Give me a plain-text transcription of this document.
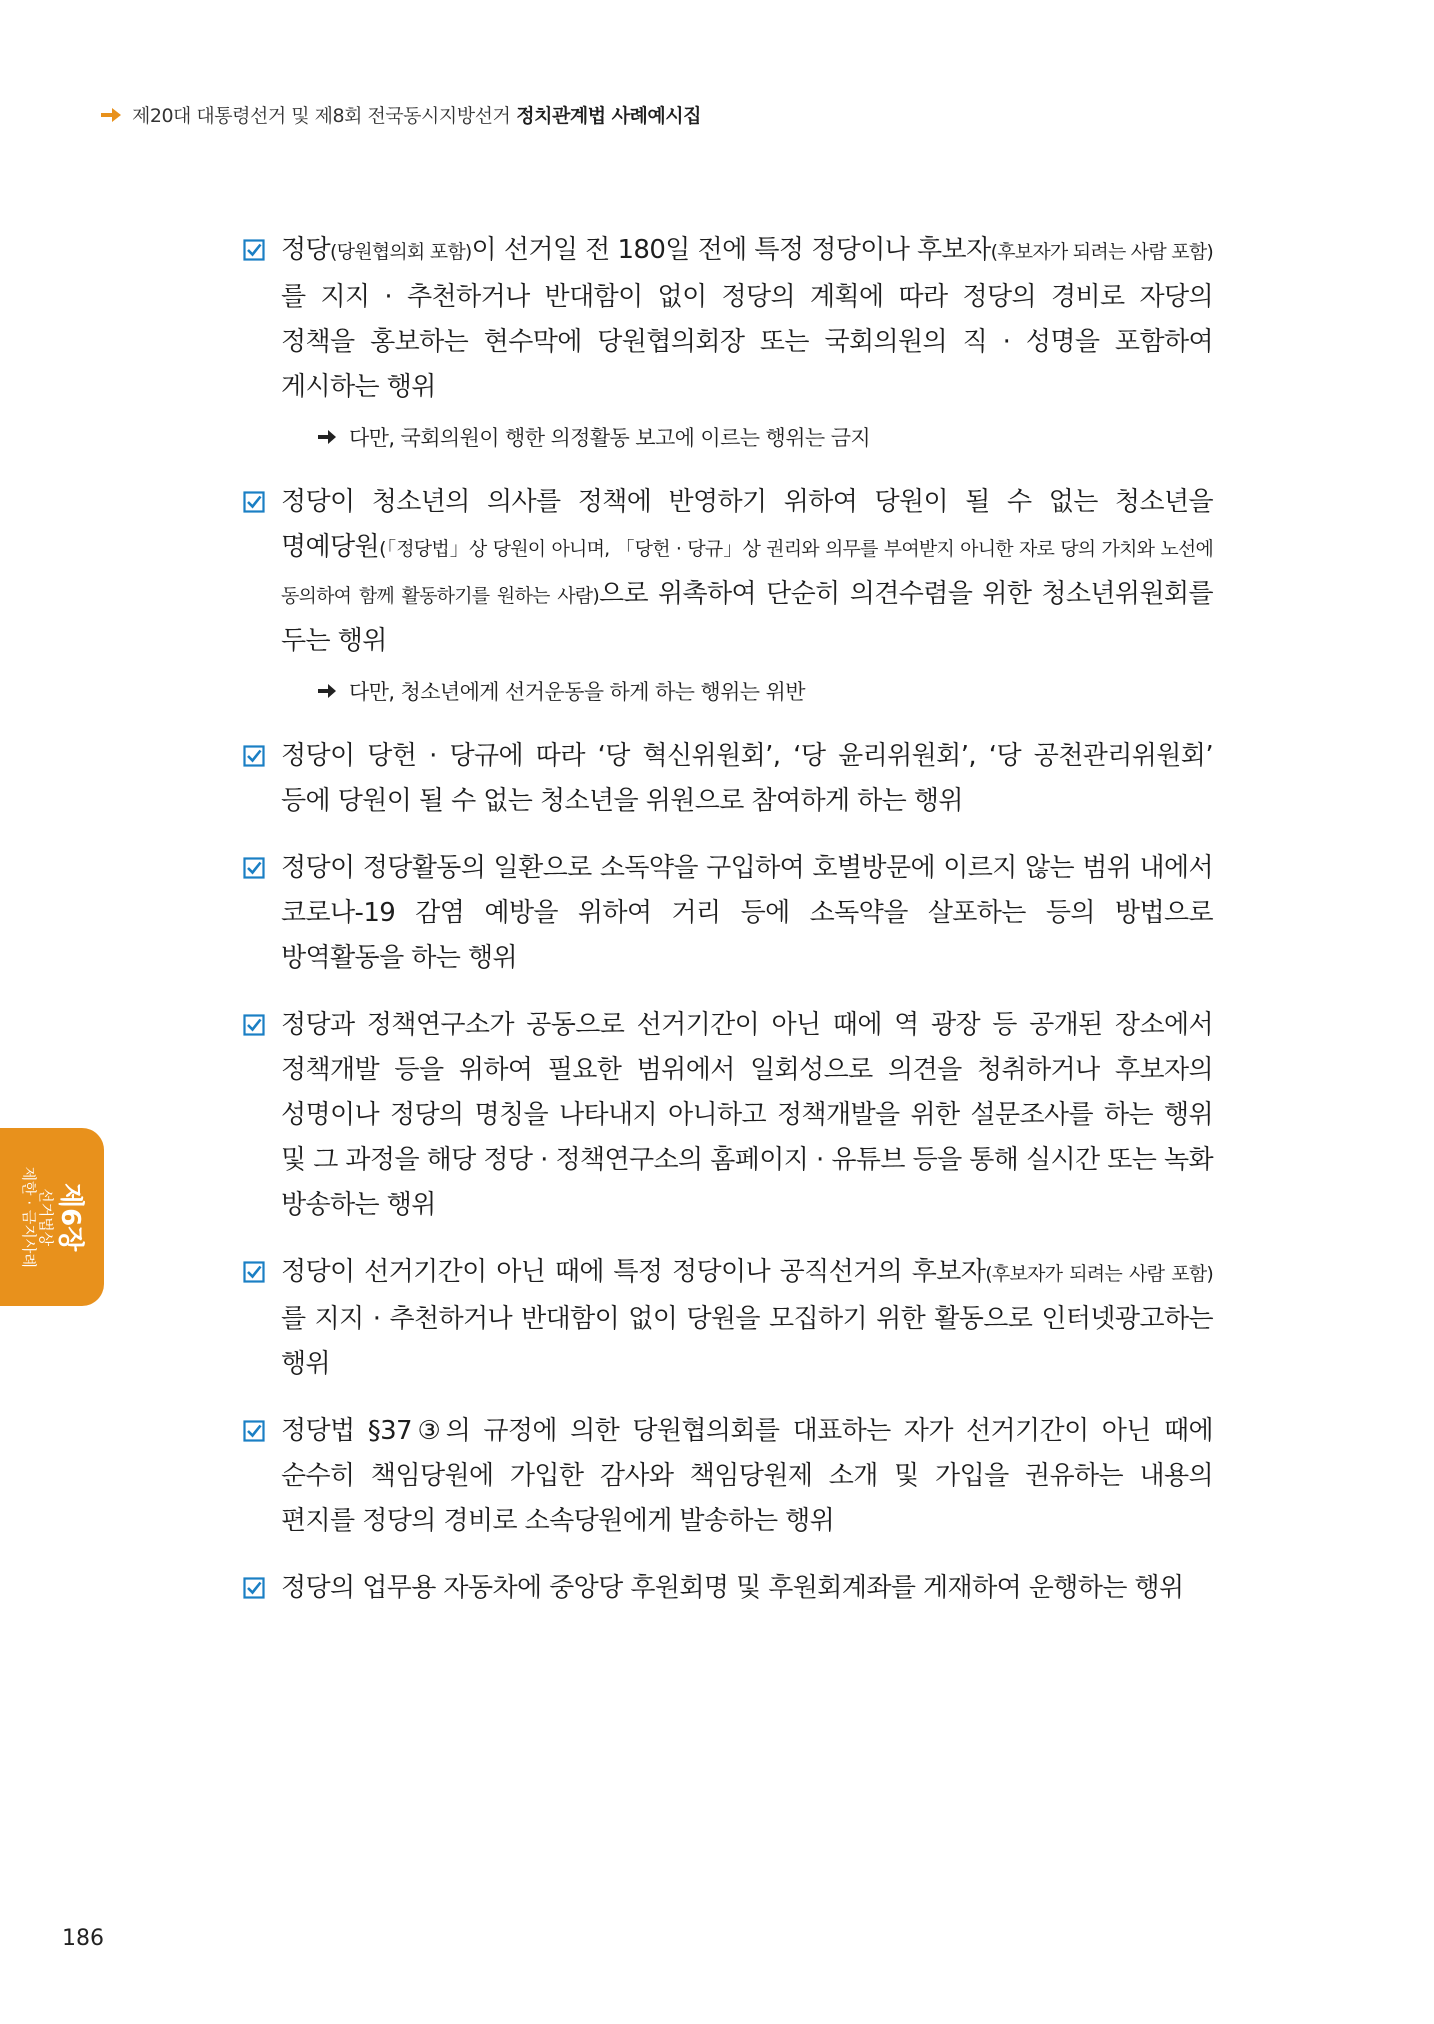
제20대 대통령선거 및 제8회 전국동시지방선거 정치관계법 사례예시집
정당(당원협의회 포함)이 선거일 전 180일 전에 특정 정당이나 후보자(후보자가 되려는 사람 포함)를 지지 · 추천하거나 반대함이 없이 정당의 계획에 따라 정당의 경비로 자당의 정책을 홍보하는 현수막에 당원협의회장 또는 국회의원의 직 · 성명을 포함하여 게시하는 행위
다만, 국회의원이 행한 의정활동 보고에 이르는 행위는 금지
정당이 청소년의 의사를 정책에 반영하기 위하여 당원이 될 수 없는 청소년을 명예당원(「정당법」상 당원이 아니며, 「당헌 · 당규」상 권리와 의무를 부여받지 아니한 자로 당의 가치와 노선에 동의하여 함께 활동하기를 원하는 사람)으로 위촉하여 단순히 의견수렴을 위한 청소년위원회를 두는 행위
다만, 청소년에게 선거운동을 하게 하는 행위는 위반
정당이 당헌 · 당규에 따라 ‘당 혁신위원회’, ‘당 윤리위원회’, ‘당 공천관리위원회’ 등에 당원이 될 수 없는 청소년을 위원으로 참여하게 하는 행위
정당이 정당활동의 일환으로 소독약을 구입하여 호별방문에 이르지 않는 범위 내에서 코로나-19 감염 예방을 위하여 거리 등에 소독약을 살포하는 등의 방법으로 방역활동을 하는 행위
정당과 정책연구소가 공동으로 선거기간이 아닌 때에 역 광장 등 공개된 장소에서 정책개발 등을 위하여 필요한 범위에서 일회성으로 의견을 청취하거나 후보자의 성명이나 정당의 명칭을 나타내지 아니하고 정책개발을 위한 설문조사를 하는 행위 및 그 과정을 해당 정당 · 정책연구소의 홈페이지 · 유튜브 등을 통해 실시간 또는 녹화 방송하는 행위
정당이 선거기간이 아닌 때에 특정 정당이나 공직선거의 후보자(후보자가 되려는 사람 포함)를 지지 · 추천하거나 반대함이 없이 당원을 모집하기 위한 활동으로 인터넷광고하는 행위
정당법 §37③의 규정에 의한 당원협의회를 대표하는 자가 선거기간이 아닌 때에 순수히 책임당원에 가입한 감사와 책임당원제 소개 및 가입을 권유하는 내용의 편지를 정당의 경비로 소속당원에게 발송하는 행위
정당의 업무용 자동차에 중앙당 후원회명 및 후원회계좌를 게재하여 운행하는 행위
제6장
선거법상
제한 · 금지사례
186
